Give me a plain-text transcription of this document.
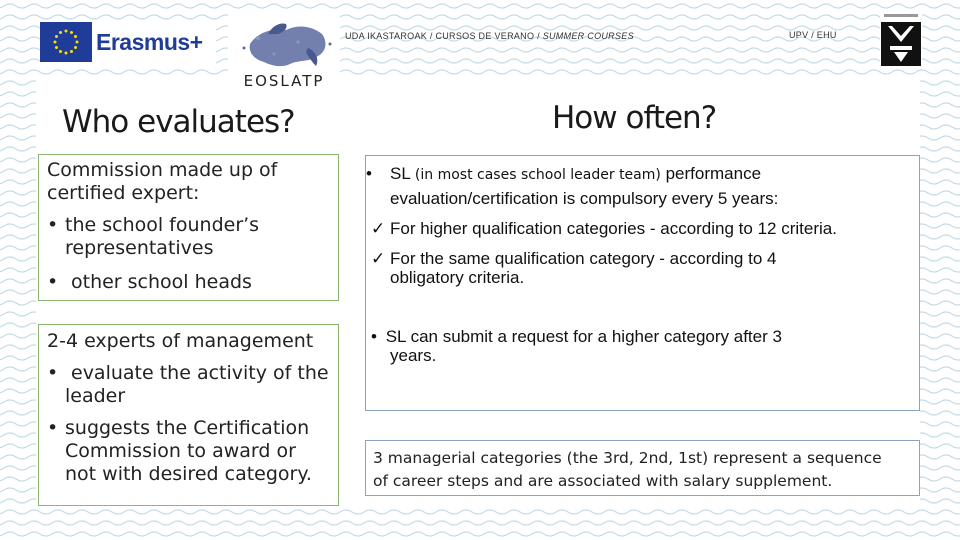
UDA IKASTAROAK / CURSOS DE VERANO / SUMMER COURSES	UPV / EHU
Erasmus+
EOSLATP
Who evaluates?	How often?
Commission made up of
certified expert:
• the school founder’s
representatives
• other school heads
2-4 experts of management
• evaluate the activity of the
leader
• suggests the Certification
Commission to award or
not with desired category.
• SL (in most cases school leader team) performance
evaluation/certification is compulsory every 5 years:
✓ For higher qualification categories - according to 12 criteria.
✓ For the same qualification category - according to 4
obligatory criteria.
• SL can submit a request for a higher category after 3
years.
3 managerial categories (the 3rd, 2nd, 1st) represent a sequence
of career steps and are associated with salary supplement.
